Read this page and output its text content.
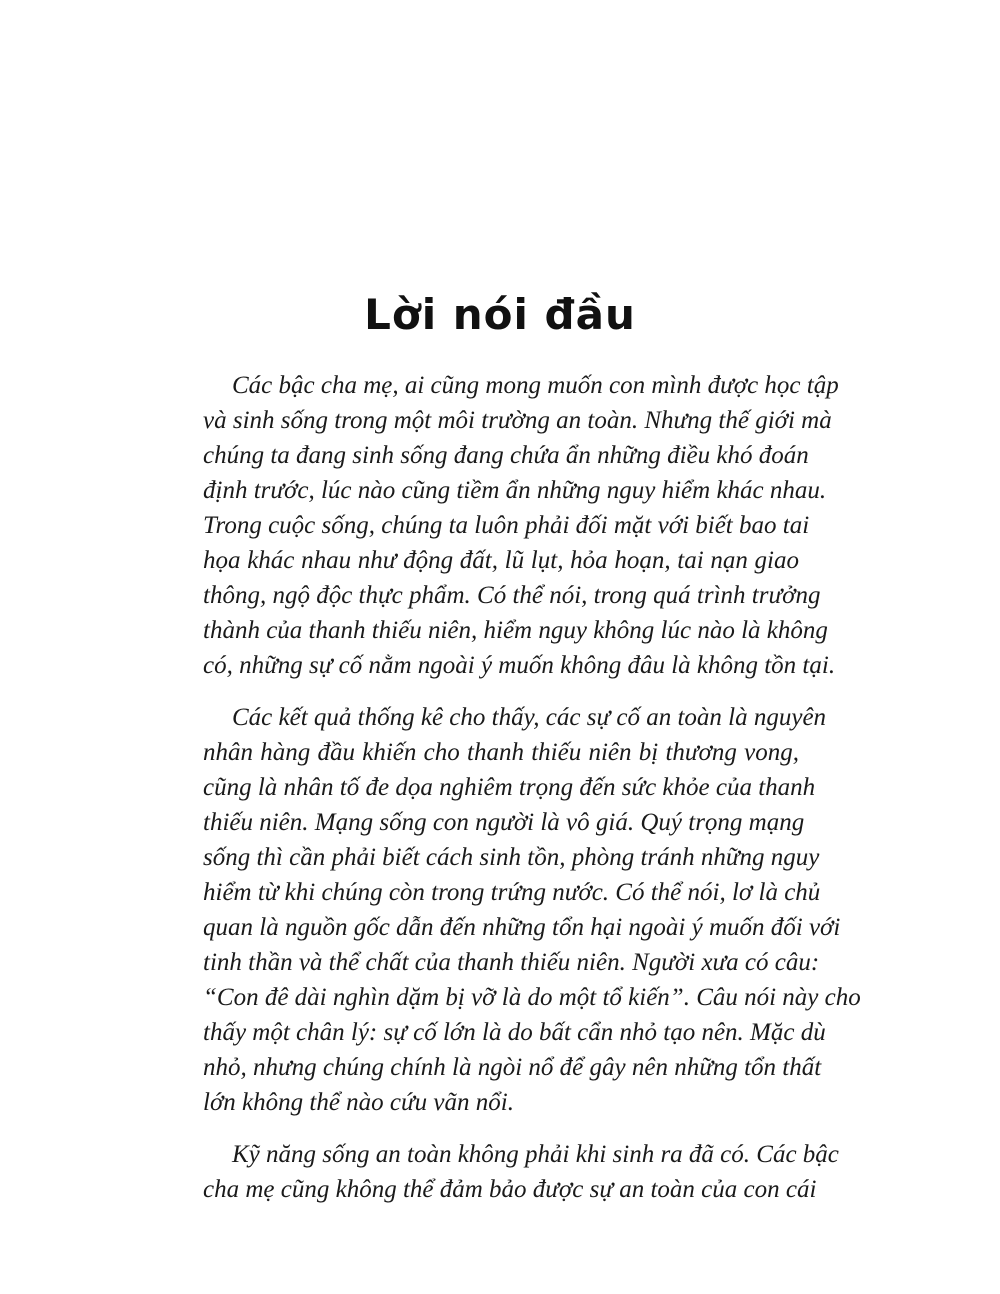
Lời nói đầu
Các bậc cha mẹ, ai cũng mong muốn con mình được học tập
và sinh sống trong một môi trường an toàn. Nhưng thế giới mà
chúng ta đang sinh sống đang chứa ẩn những điều khó đoán
định trước, lúc nào cũng tiềm ẩn những nguy hiểm khác nhau.
Trong cuộc sống, chúng ta luôn phải đối mặt với biết bao tai
họa khác nhau như động đất, lũ lụt, hỏa hoạn, tai nạn giao
thông, ngộ độc thực phẩm. Có thể nói, trong quá trình trưởng
thành của thanh thiếu niên, hiểm nguy không lúc nào là không
có, những sự cố nằm ngoài ý muốn không đâu là không tồn tại.
Các kết quả thống kê cho thấy, các sự cố an toàn là nguyên
nhân hàng đầu khiến cho thanh thiếu niên bị thương vong,
cũng là nhân tố đe dọa nghiêm trọng đến sức khỏe của thanh
thiếu niên. Mạng sống con người là vô giá. Quý trọng mạng
sống thì cần phải biết cách sinh tồn, phòng tránh những nguy
hiểm từ khi chúng còn trong trứng nước. Có thể nói, lơ là chủ
quan là nguồn gốc dẫn đến những tổn hại ngoài ý muốn đối với
tinh thần và thể chất của thanh thiếu niên. Người xưa có câu:
“Con đê dài nghìn dặm bị vỡ là do một tổ kiến”. Câu nói này cho
thấy một chân lý: sự cố lớn là do bất cẩn nhỏ tạo nên. Mặc dù
nhỏ, nhưng chúng chính là ngòi nổ để gây nên những tổn thất
lớn không thể nào cứu vãn nổi.
Kỹ năng sống an toàn không phải khi sinh ra đã có. Các bậc
cha mẹ cũng không thể đảm bảo được sự an toàn của con cái
